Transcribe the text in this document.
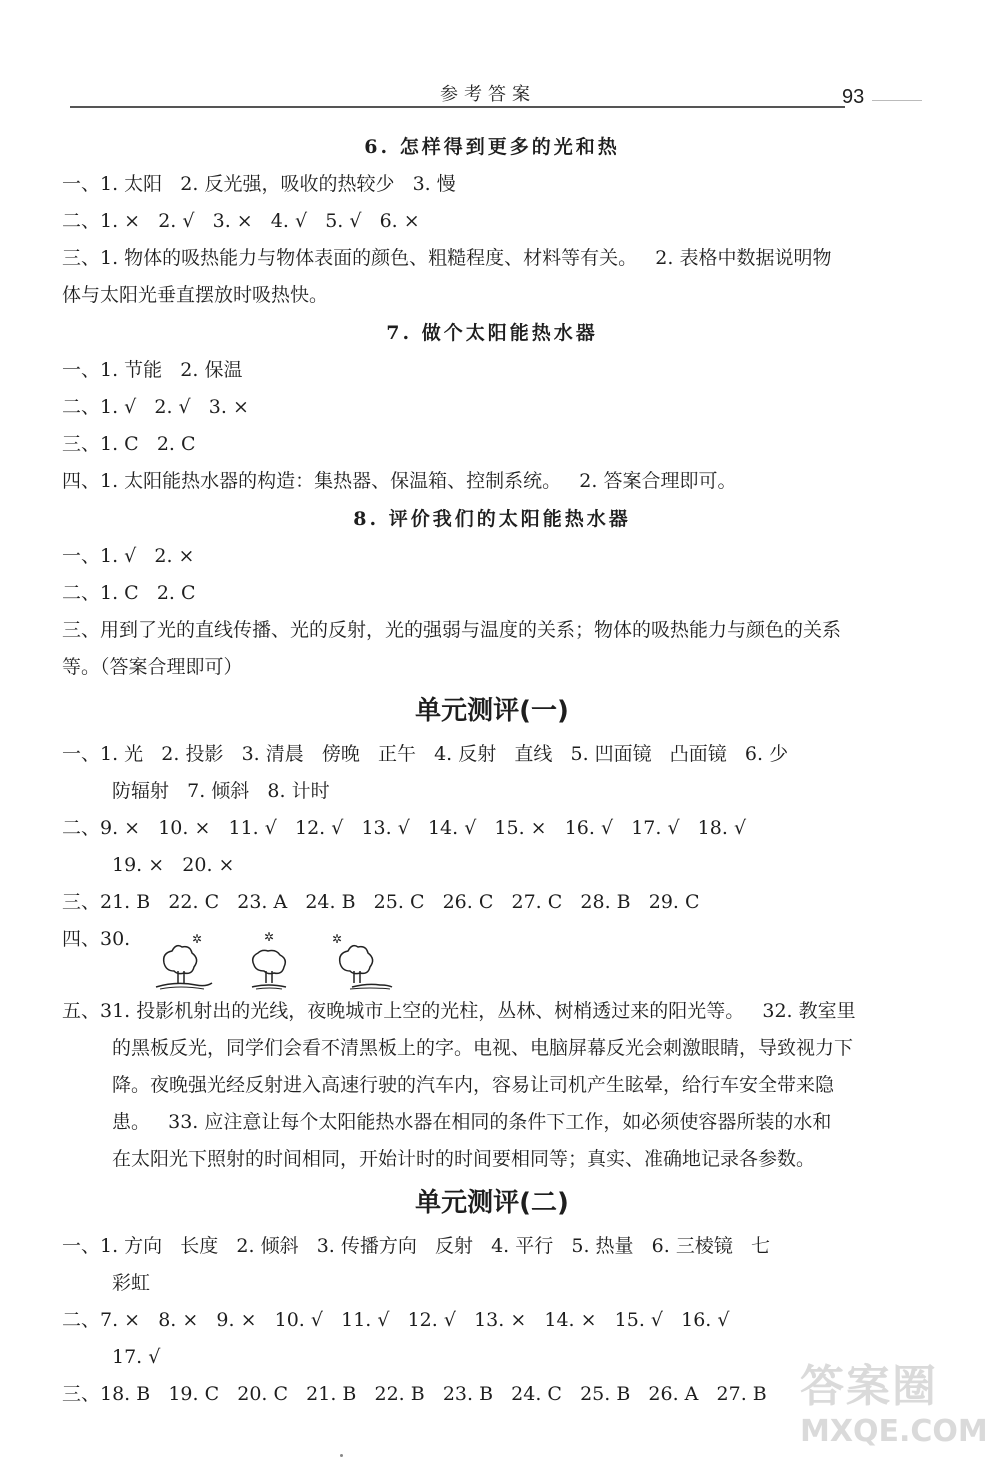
参考答案	93
6. 怎样得到更多的光和热
一、1. 太阳   2. 反光强，吸收的热较少   3. 慢
二、1. ×   2. √   3. ×   4. √   5. √   6. ×
三、1. 物体的吸热能力与物体表面的颜色、粗糙程度、材料等有关。   2. 表格中数据说明物
体与太阳光垂直摆放时吸热快。
7. 做个太阳能热水器
一、1. 节能   2. 保温
二、1. √   2. √   3. ×
三、1. C   2. C
四、1. 太阳能热水器的构造：集热器、保温箱、控制系统。   2. 答案合理即可。
8. 评价我们的太阳能热水器
一、1. √   2. ×
二、1. C   2. C
三、用到了光的直线传播、光的反射，光的强弱与温度的关系；物体的吸热能力与颜色的关系
等。（答案合理即可）
单元测评(一)
一、1. 光   2. 投影   3. 清晨   傍晚   正午   4. 反射   直线   5. 凹面镜   凸面镜   6. 少
防辐射   7. 倾斜   8. 计时
二、9. ×   10. ×   11. √   12. √   13. √   14. √   15. ×   16. √   17. √   18. √
19. ×   20. ×
三、21. B   22. C   23. A   24. B   25. C   26. C   27. C   28. B   29. C
四、30.	✲	✲	✲
五、31. 投影机射出的光线，夜晚城市上空的光柱，丛林、树梢透过来的阳光等。   32. 教室里
的黑板反光，同学们会看不清黑板上的字。电视、电脑屏幕反光会刺激眼睛，导致视力下
降。夜晚强光经反射进入高速行驶的汽车内，容易让司机产生眩晕，给行车安全带来隐
患。   33. 应注意让每个太阳能热水器在相同的条件下工作，如必须使容器所装的水和
在太阳光下照射的时间相同，开始计时的时间要相同等；真实、准确地记录各参数。
单元测评(二)
一、1. 方向   长度   2. 倾斜   3. 传播方向   反射   4. 平行   5. 热量   6. 三棱镜   七
彩虹
二、7. ×   8. ×   9. ×   10. √   11. √   12. √   13. ×   14. ×   15. √   16. √
17. √
三、18. B   19. C   20. C   21. B   22. B   23. B   24. C   25. B   26. A   27. B 答案圈
MXQE.COM
